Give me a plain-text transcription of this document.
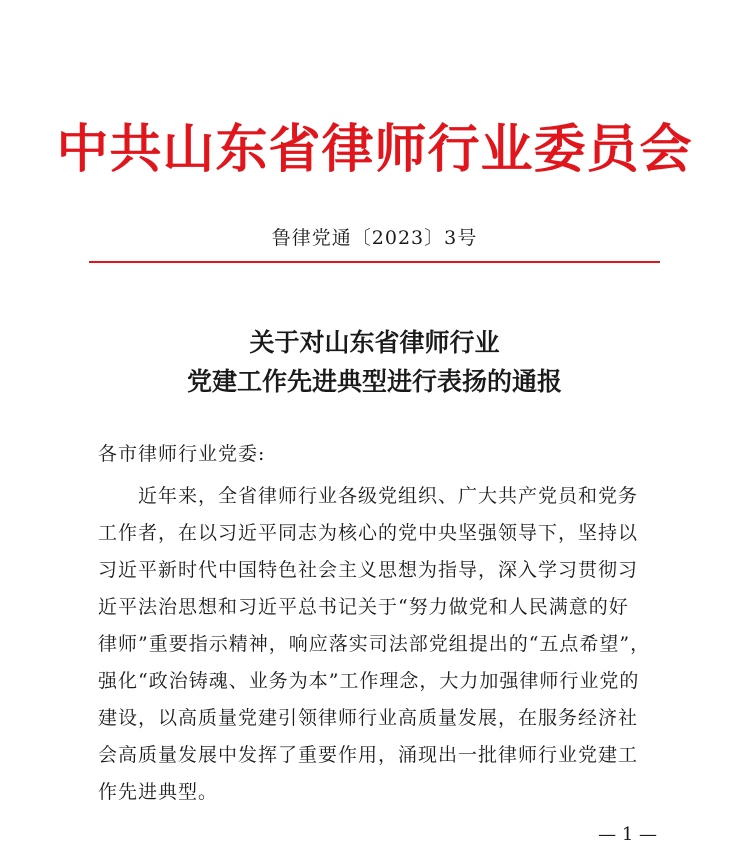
中共山东省律师行业委员会
鲁律党通〔2023〕3号
关于对山东省律师行业
党建工作先进典型进行表扬的通报
各市律师行业党委:
近年来，全省律师行业各级党组织、广大共产党员和党务
工作者，在以习近平同志为核心的党中央坚强领导下，坚持以
习近平新时代中国特色社会主义思想为指导，深入学习贯彻习
近平法治思想和习近平总书记关于“努力做党和人民满意的好
律师”重要指示精神，响应落实司法部党组提出的“五点希望”，
强化“政治铸魂、业务为本”工作理念，大力加强律师行业党的
建设，以高质量党建引领律师行业高质量发展，在服务经济社
会高质量发展中发挥了重要作用，涌现出一批律师行业党建工
作先进典型。
— 1 —
